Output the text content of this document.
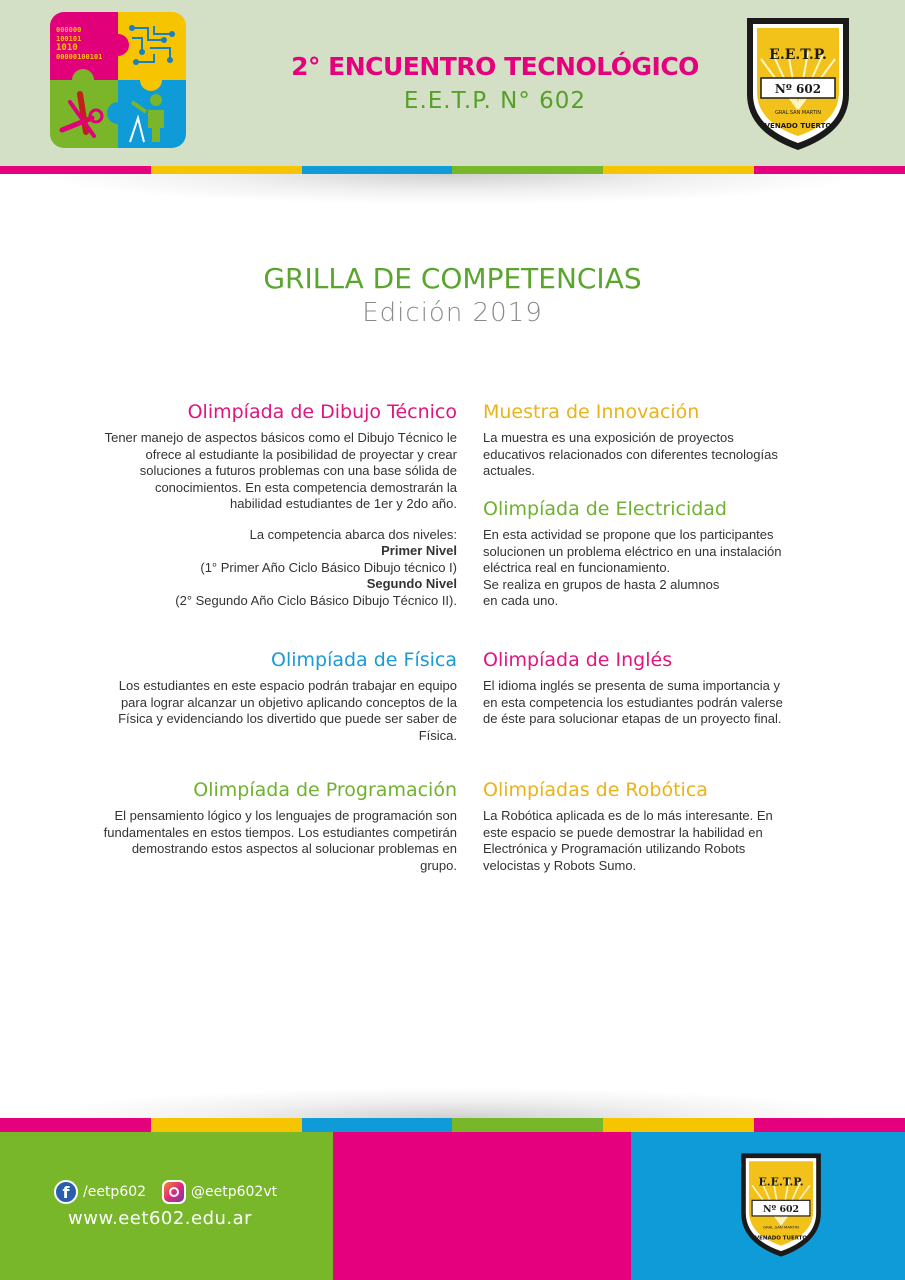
000000
100101
1010
00000100101	2° ENCUENTRO TECNOLÓGICO
E.E.T.P. N° 602
E.E.T.P.
Nº 602
GRAL.SAN MARTIN
VENADO TUERTO
GRILLA DE COMPETENCIAS
Edición 2019
Olimpíada de Dibujo Técnico

Tener manejo de aspectos básicos como el Dibujo Técnico le ofrece al estudiante la posibilidad de proyectar y crear soluciones a futuros problemas con una base sólida de conocimientos. En esta competencia demostrarán la habilidad estudiantes de 1er y 2do año.

La competencia abarca dos niveles:

Primer Nivel

(1° Primer Año Ciclo Básico Dibujo técnico I)

Segundo Nivel

(2° Segundo Año Ciclo Básico Dibujo Técnico II).

Olimpíada de Física

Los estudiantes en este espacio podrán trabajar en equipo para lograr alcanzar un objetivo aplicando conceptos de la Física y evidenciando los divertido que puede ser saber de Física.

Olimpíada de Programación

El pensamiento lógico y los lenguajes de programación son fundamentales en estos tiempos. Los estudiantes competirán demostrando estos aspectos al solucionar problemas en grupo.

Muestra de Innovación

La muestra es una exposición de proyectos educativos relacionados con diferentes tecnologías actuales.

Olimpíada de Electricidad

En esta actividad se propone que los participantes solucionen un problema eléctrico en una instalación eléctrica real en funcionamiento.

Se realiza en grupos de hasta 2 alumnos en cada uno.

Olimpíada de Inglés

El idioma inglés se presenta de suma importancia y en esta competencia los estudiantes podrán valerse de éste para solucionar etapas de un proyecto final.

Olimpíadas de Robótica

La Robótica aplicada es de lo más interesante. En este espacio se puede demostrar la habilidad en Electrónica y Programación utilizando Robots velocistas y Robots Sumo.

f /eetp602	@eetp602vt
www.eet602.edu.ar
E.E.T.P.
Nº 602
GRAL.SAN MARTIN
VENADO TUERTO
